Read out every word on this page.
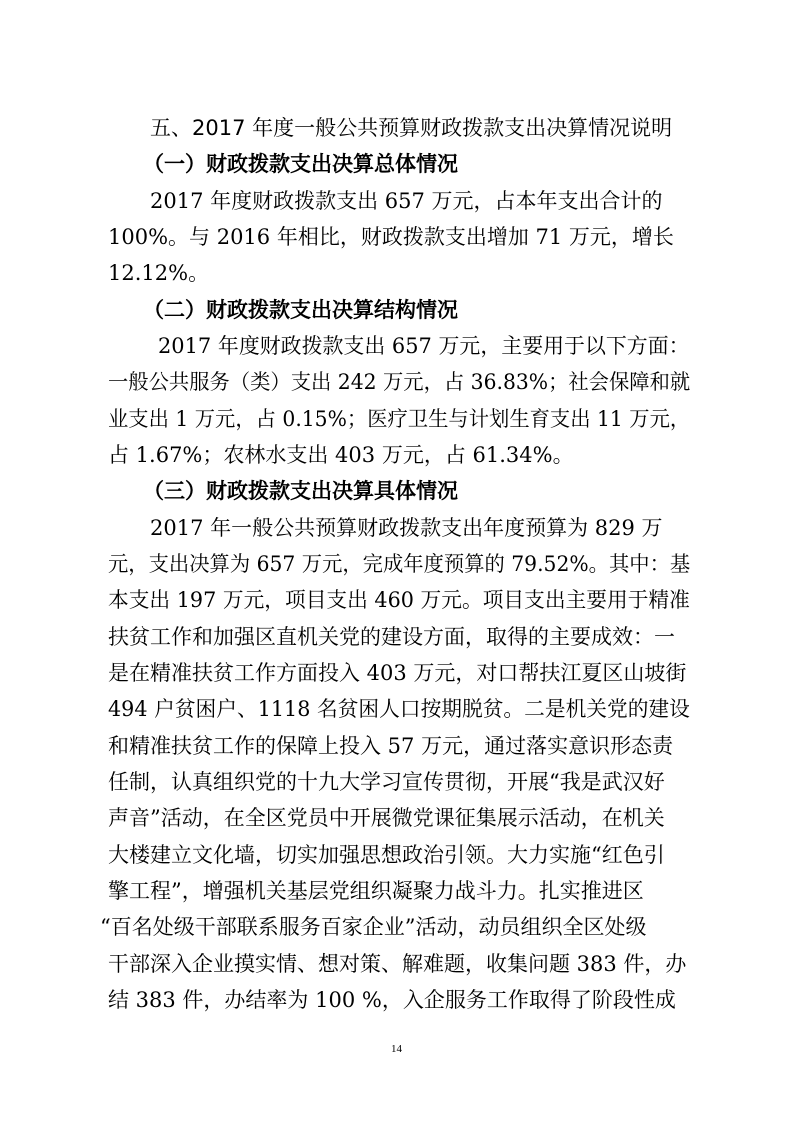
五、2017 年度一般公共预算财政拨款支出决算情况说明
（一）财政拨款支出决算总体情况
2017 年度财政拨款支出 657 万元，占本年支出合计的
100%。与 2016 年相比，财政拨款支出增加 71 万元，增长
12.12%。
（二）财政拨款支出决算结构情况
2017 年度财政拨款支出 657 万元，主要用于以下方面：
一般公共服务（类）支出 242 万元，占 36.83%；社会保障和就
业支出 1 万元，占 0.15%；医疗卫生与计划生育支出 11 万元，
占 1.67%；农林水支出 403 万元，占 61.34%。
（三）财政拨款支出决算具体情况
2017 年一般公共预算财政拨款支出年度预算为 829 万
元，支出决算为 657 万元，完成年度预算的 79.52%。其中：基
本支出 197 万元，项目支出 460 万元。项目支出主要用于精准
扶贫工作和加强区直机关党的建设方面，取得的主要成效：一
是在精准扶贫工作方面投入 403 万元，对口帮扶江夏区山坡街
494 户贫困户、1118 名贫困人口按期脱贫。二是机关党的建设
和精准扶贫工作的保障上投入 57 万元，通过落实意识形态责
任制，认真组织党的十九大学习宣传贯彻，开展“我是武汉好
声音”活动，在全区党员中开展微党课征集展示活动，在机关
大楼建立文化墙，切实加强思想政治引领。大力实施“红色引
擎工程”，增强机关基层党组织凝聚力战斗力。扎实推进区
“百名处级干部联系服务百家企业”活动，动员组织全区处级
干部深入企业摸实情、想对策、解难题，收集问题 383 件，办
结 383 件，办结率为 100 %，入企服务工作取得了阶段性成
14
